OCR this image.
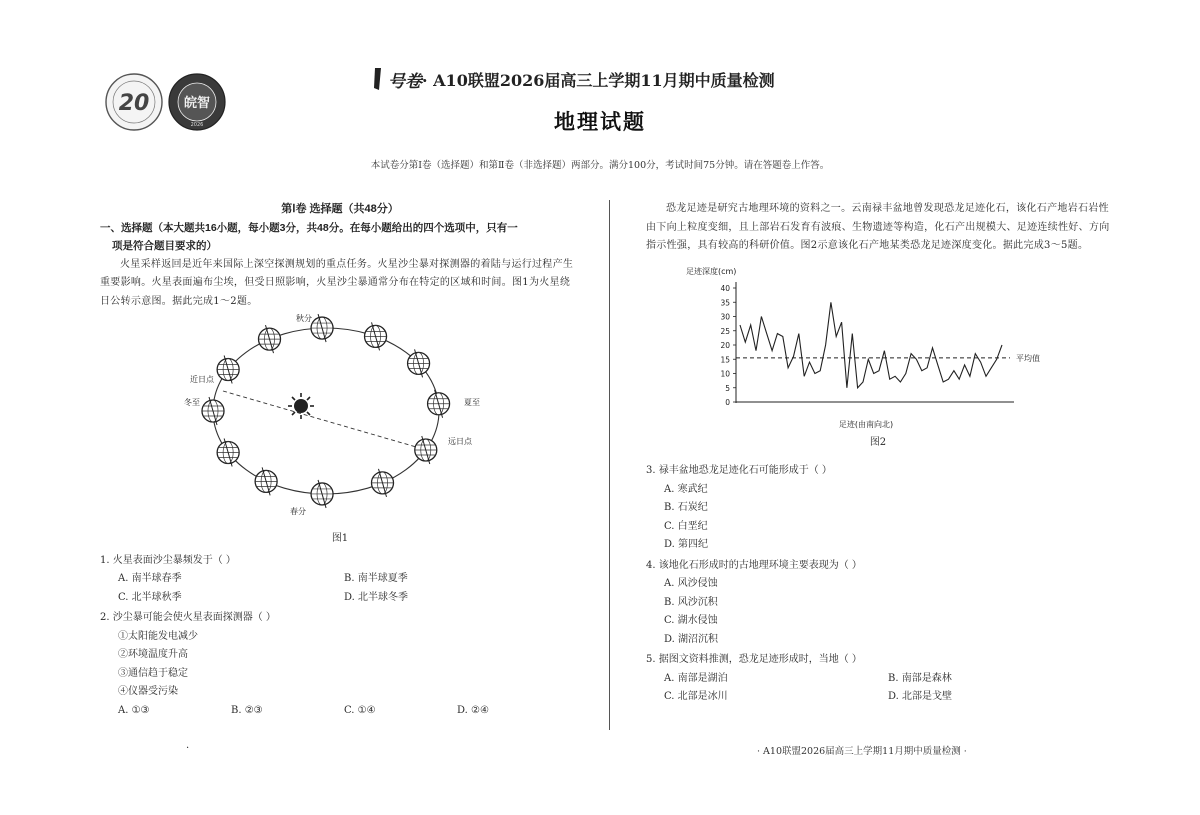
20	皖智
2026
号卷 · A10联盟2026届高三上学期11月期中质量检测
地理试题
本试卷分第Ⅰ卷（选择题）和第Ⅱ卷（非选择题）两部分。满分100分，考试时间75分钟。请在答题卷上作答。
第Ⅰ卷 选择题（共48分）
一、选择题（本大题共16小题，每小题3分，共48分。在每小题给出的四个选项中，只有一
项是符合题目要求的）
火星采样返回是近年来国际上深空探测规划的重点任务。火星沙尘暴对探测器的着陆与运行过程产生重要影响。火星表面遍布尘埃，但受日照影响，火星沙尘暴通常分布在特定的区域和时间。图1为火星绕日公转示意图。据此完成1～2题。
秋分
近日点
冬至	夏至
远日点
春分
图1
1. 火星表面沙尘暴频发于（ ）
A. 南半球春季	B. 南半球夏季
C. 北半球秋季	D. 北半球冬季
2. 沙尘暴可能会使火星表面探测器（ ）
①太阳能发电减少
②环境温度升高
③通信趋于稳定
④仪器受污染
A. ①③	B. ②③	C. ①④	D. ②④
恐龙足迹是研究古地理环境的资料之一。云南禄丰盆地曾发现恐龙足迹化石，该化石产地岩石岩性由下向上粒度变细，且上部岩石发育有波痕、生物遗迹等构造，化石产出规模大、足迹连续性好、方向指示性强，具有较高的科研价值。图2示意该化石产地某类恐龙足迹深度变化。据此完成3～5题。
足迹深度(cm)
足迹(由南向北)
平均值
0
5
10
15
20
25
30
35
40
图2
3. 禄丰盆地恐龙足迹化石可能形成于（ ）
A. 寒武纪
B. 石炭纪
C. 白垩纪
D. 第四纪
4. 该地化石形成时的古地理环境主要表现为（ ）
A. 风沙侵蚀
B. 风沙沉积
C. 湖水侵蚀
D. 湖沼沉积
5. 据图文资料推测，恐龙足迹形成时，当地（ ）
A. 南部是湖泊	B. 南部是森林
C. 北部是冰川	D. 北部是戈壁
.
· A10联盟2026届高三上学期11月期中质量检测 ·
